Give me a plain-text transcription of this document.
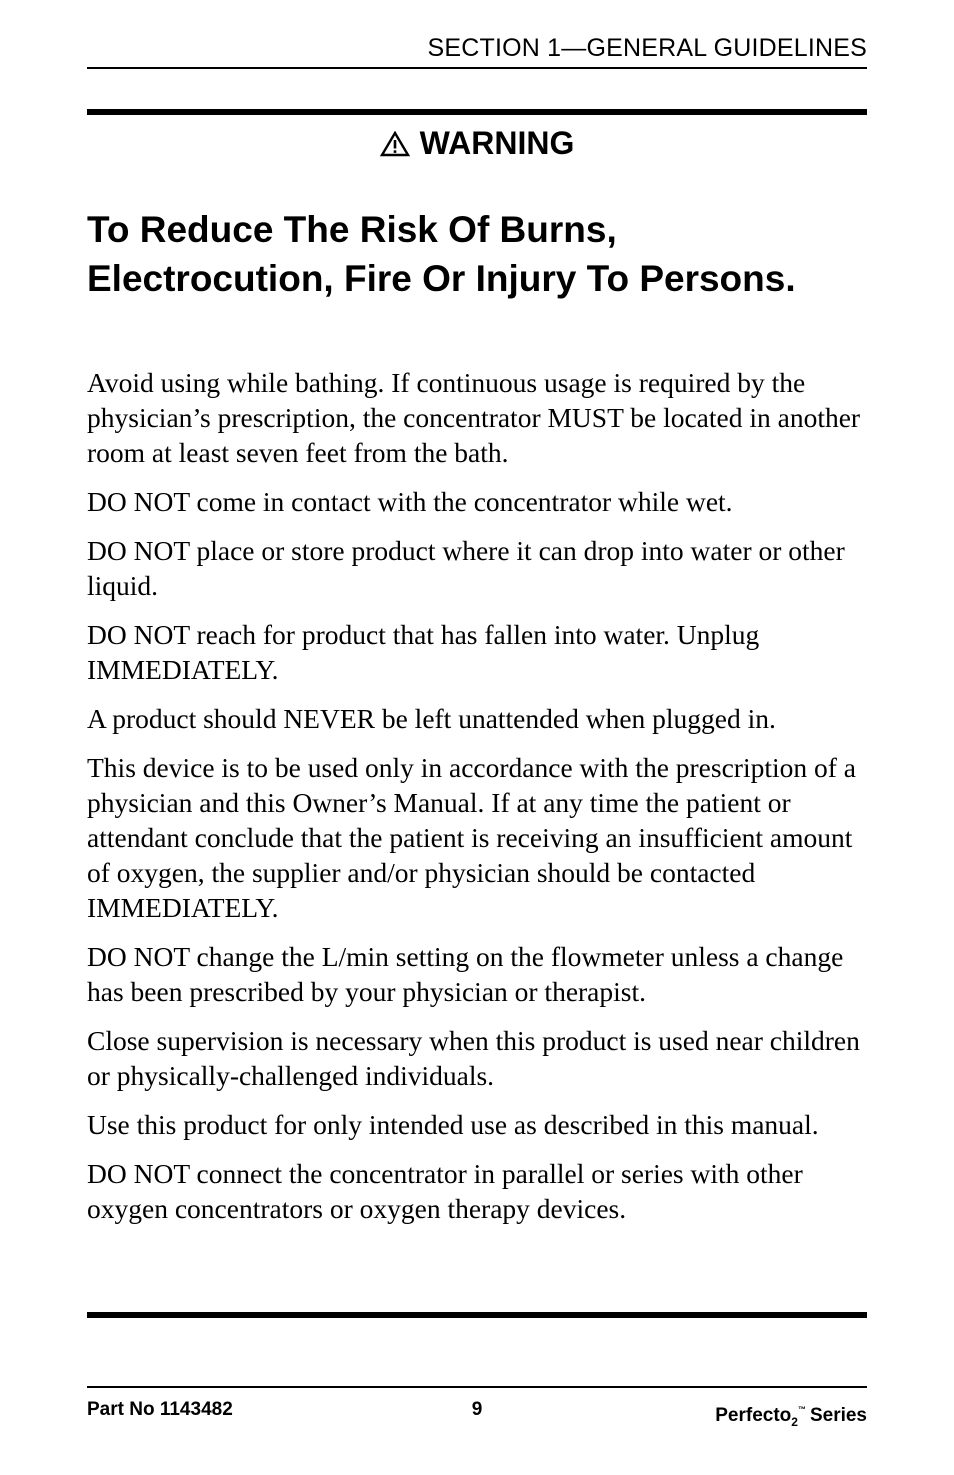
SECTION 1—GENERAL GUIDELINES
WARNING
To Reduce The Risk Of Burns, Electrocution, Fire Or Injury To Persons.

Avoid using while bathing. If continuous usage is required by the physician’s prescription, the concentrator MUST be located in another room at least seven feet from the bath.

DO NOT come in contact with the concentrator while wet.

DO NOT place or store product where it can drop into water or other liquid.

DO NOT reach for product that has fallen into water. Unplug IMMEDIATELY.

A product should NEVER be left unattended when plugged in.

This device is to be used only in accordance with the prescription of a physician and this Owner’s Manual. If at any time the patient or attendant conclude that the patient is receiving an insufficient amount of oxygen, the supplier and/or physician should be contacted IMMEDIATELY.

DO NOT change the L/min setting on the flowmeter unless a change has been prescribed by your physician or therapist.

Close supervision is necessary when this product is used near children or physically-challenged individuals.

Use this product for only intended use as described in this manual.

DO NOT connect the concentrator in parallel or series with other oxygen concentrators or oxygen therapy devices.

Part No 1143482	9	Perfecto$_2$™ Series
